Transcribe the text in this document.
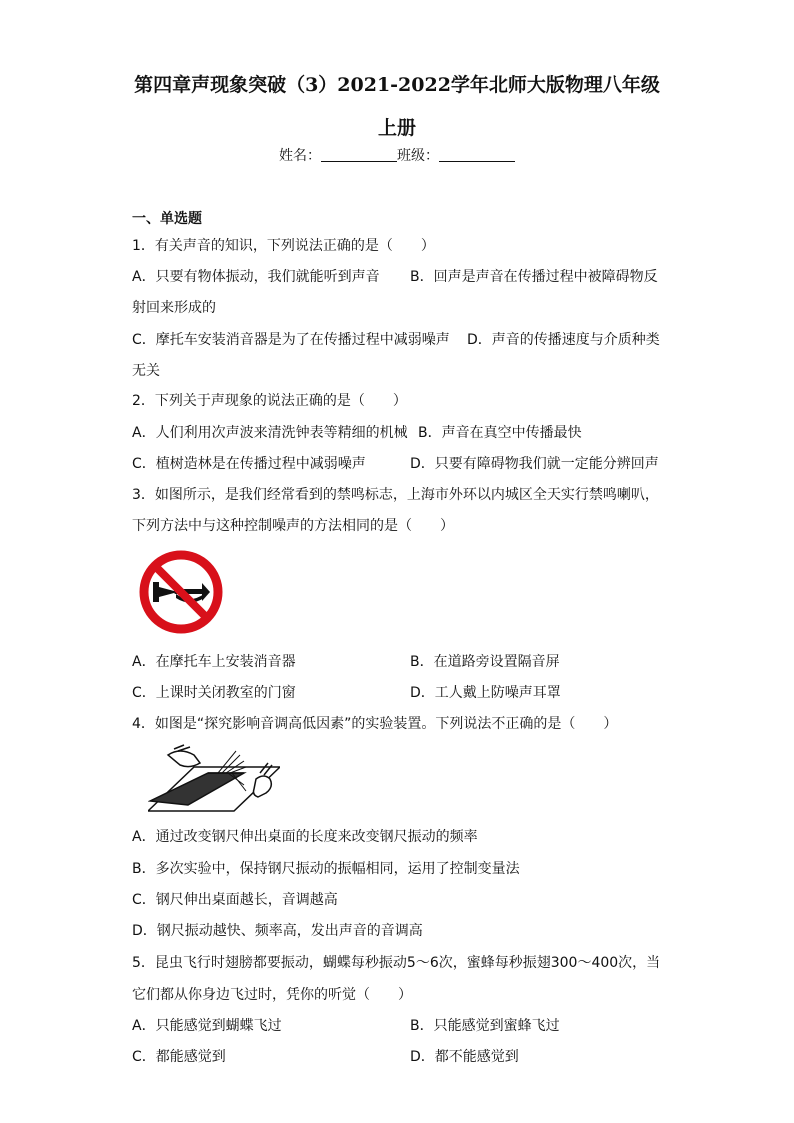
第四章声现象突破（3）2021-2022学年北师大版物理八年级
上册
姓名：	班级：
一、单选题
1．有关声音的知识，下列说法正确的是（　　）
A．只要有物体振动，我们就能听到声音 B．回声是声音在传播过程中被障碍物反
射回来形成的
C．摩托车安装消音器是为了在传播过程中减弱噪声 D．声音的传播速度与介质种类
无关
2．下列关于声现象的说法正确的是（　　）
A．人们利用次声波来清洗钟表等精细的机械 B．声音在真空中传播最快
C．植树造林是在传播过程中减弱噪声	D．只要有障碍物我们就一定能分辨回声
3．如图所示，是我们经常看到的禁鸣标志，上海市外环以内城区全天实行禁鸣喇叭，
下列方法中与这种控制噪声的方法相同的是（　　）
A．在摩托车上安装消音器	B．在道路旁设置隔音屏
C．上课时关闭教室的门窗	D．工人戴上防噪声耳罩
4．如图是“探究影响音调高低因素”的实验装置。下列说法不正确的是（　　）
A．通过改变钢尺伸出桌面的长度来改变钢尺振动的频率
B．多次实验中，保持钢尺振动的振幅相同，运用了控制变量法
C．钢尺伸出桌面越长，音调越高
D．钢尺振动越快、频率高，发出声音的音调高
5．昆虫飞行时翅膀都要振动，蝴蝶每秒振动5～6次，蜜蜂每秒振翅300～400次，当
它们都从你身边飞过时，凭你的听觉（　　）
A．只能感觉到蝴蝶飞过	B．只能感觉到蜜蜂飞过
C．都能感觉到	D．都不能感觉到
